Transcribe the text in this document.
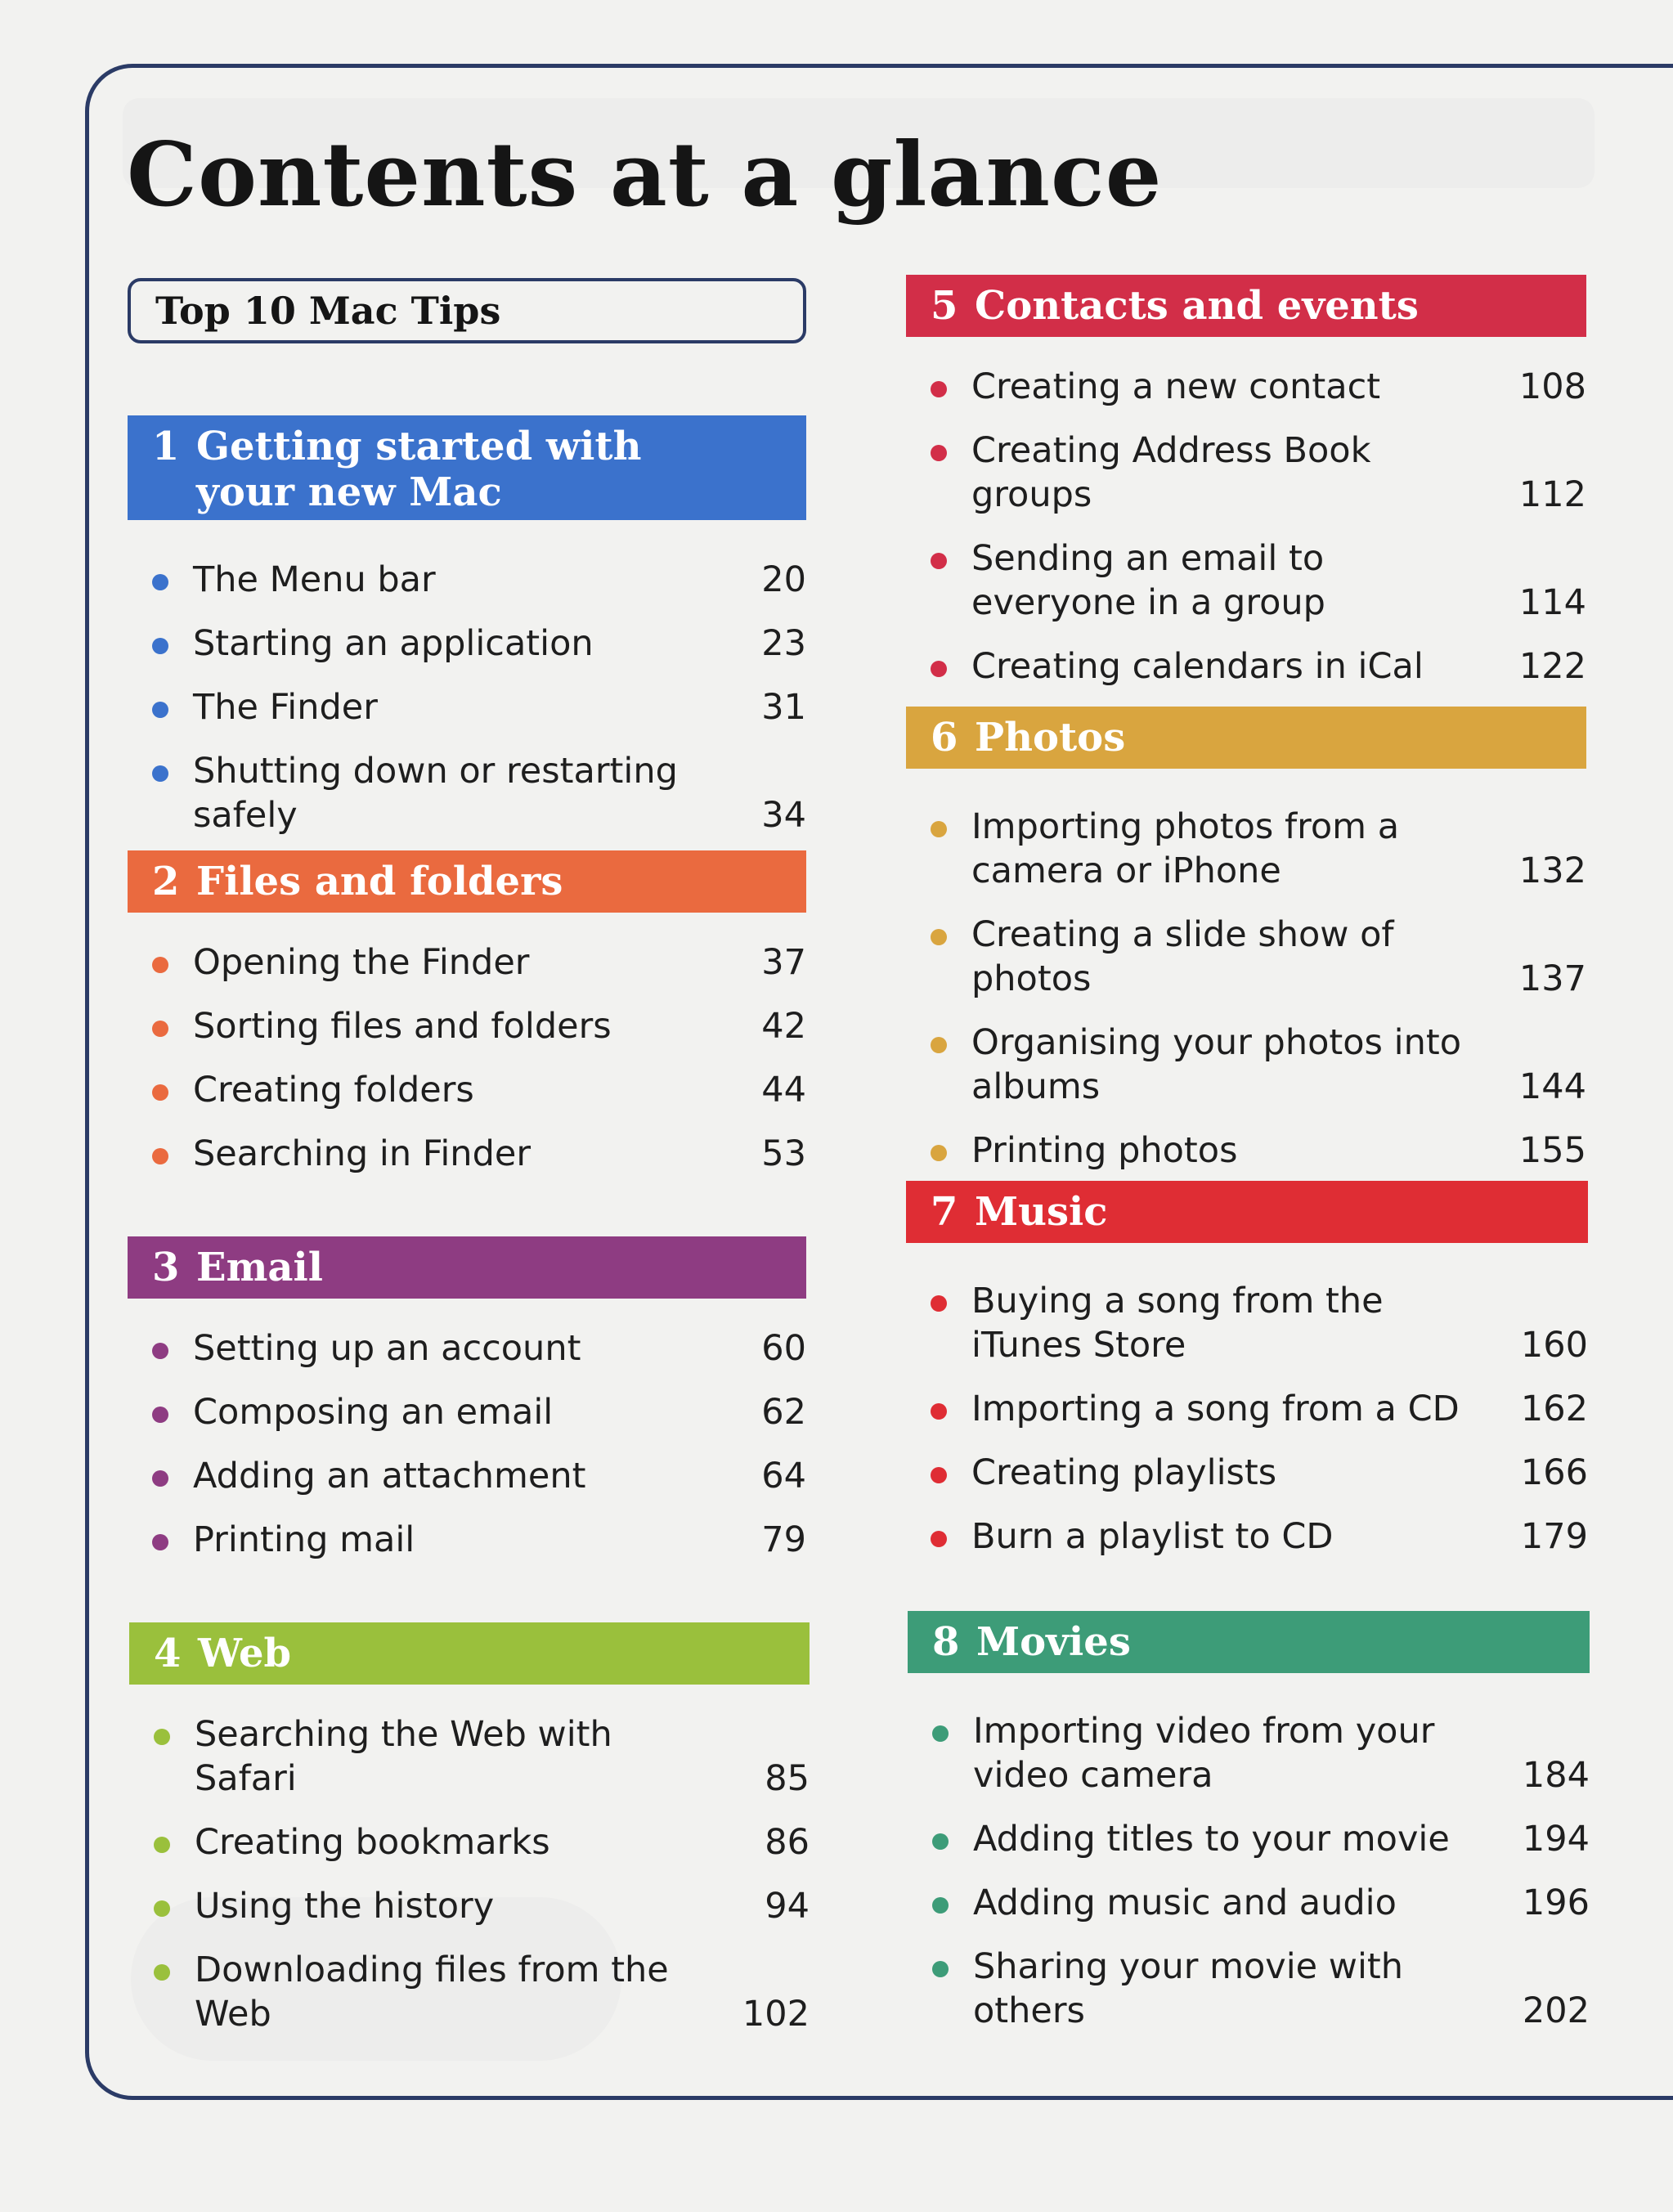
Contents at a glance
Top 10 Mac Tips
1 Getting started with
your new Mac
The Menu bar	20
Starting an application	23
The Finder	31
Shutting down or restarting safely	34
2 Files and folders
Opening the Finder	37
Sorting files and folders	42
Creating folders	44
Searching in Finder	53
3 Email
Setting up an account	60
Composing an email	62
Adding an attachment	64
Printing mail	79
4 Web
Searching the Web with Safari	85
Creating bookmarks	86
Using the history	94
Downloading files from the Web	102
5 Contacts and events
Creating a new contact	108
Creating Address Book groups	112
Sending an email to everyone in a group	114
Creating calendars in iCal	122
6 Photos
Importing photos from a camera or iPhone	132
Creating a slide show of photos	137
Organising your photos into albums	144
Printing photos	155
7 Music
Buying a song from the iTunes Store	160
Importing a song from a CD 162
Creating playlists	166
Burn a playlist to CD	179
8 Movies
Importing video from your video camera	184
Adding titles to your movie 194
Adding music and audio	196
Sharing your movie with others	202
